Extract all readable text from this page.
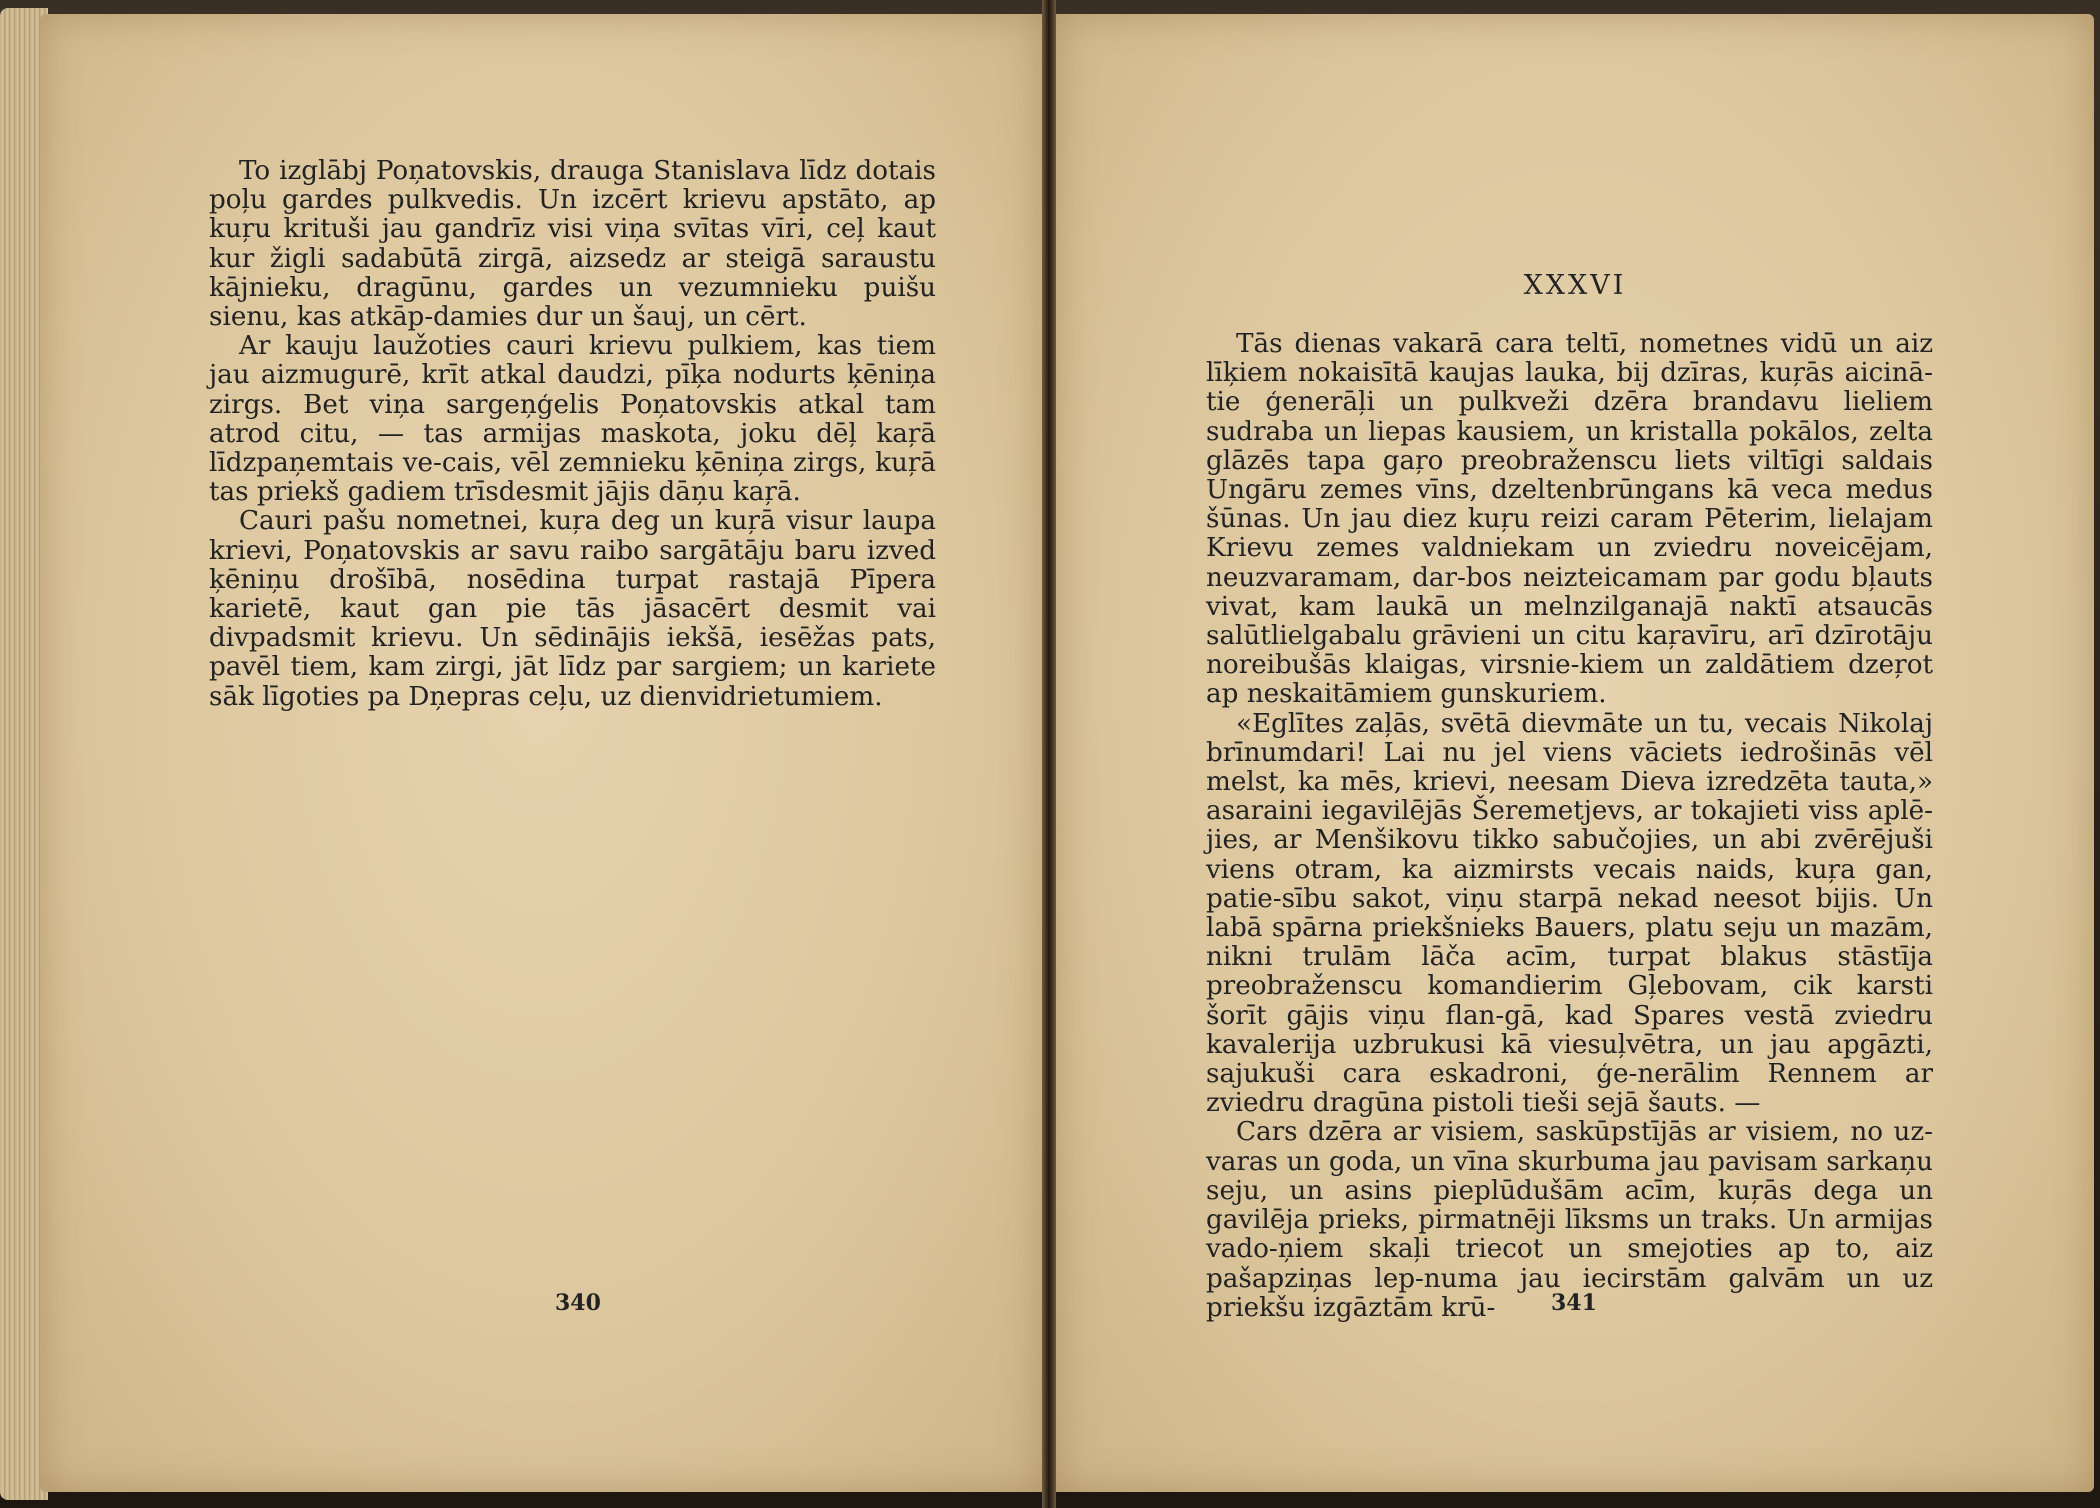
To izglābj Poņatovskis, drauga Stanislava līdz dotais poļu gardes pulkvedis. Un izcērt krievu apstāto, ap kuŗu krituši jau gandrīz visi viņa svītas vīri, ceļ kaut kur žigli sadabūtā zirgā, aizsedz ar steigā saraustu kājnieku, dragūnu, gardes un vezumnieku puišu sienu, kas atkāp-damies dur un šauj, un cērt.

Ar kauju laužoties cauri krievu pulkiem, kas tiem jau aizmugurē, krīt atkal daudzi, pīķa nodurts ķēniņa zirgs. Bet viņa sargeņģelis Poņatovskis atkal tam atrod citu, — tas armijas maskota, joku dēļ kaŗā līdzpaņemtais ve-cais, vēl zemnieku ķēniņa zirgs, kuŗā tas priekš gadiem trīsdesmit jājis dāņu kaŗā.

Cauri pašu nometnei, kuŗa deg un kuŗā visur laupa krievi, Poņatovskis ar savu raibo sargātāju baru izved ķēniņu drošībā, nosēdina turpat rastajā Pīpera karietē, kaut gan pie tās jāsacērt desmit vai divpadsmit krievu. Un sēdinājis iekšā, iesēžas pats, pavēl tiem, kam zirgi, jāt līdz par sargiem; un kariete sāk līgoties pa Dņepras ceļu, uz dienvidrietumiem.

340
XXXVI

Tās dienas vakarā cara teltī, nometnes vidū un aiz līķiem nokaisītā kaujas lauka, bij dzīras, kuŗās aicinā-tie ģenerāļi un pulkveži dzēra brandavu lieliem sudraba un liepas kausiem, un kristalla pokālos, zelta glāzēs tapa gaŗo preobraženscu liets viltīgi saldais Ungāru zemes vīns, dzeltenbrūngans kā veca medus šūnas. Un jau diez kuŗu reizi caram Pēterim, lielajam Krievu zemes valdniekam un zviedru noveicējam, neuzvaramam, dar-bos neizteicamam par godu bļauts vivat, kam laukā un melnzilganajā naktī atsaucās salūtlielgabalu grāvieni un citu kaŗavīru, arī dzīrotāju noreibušās klaigas, virsnie-kiem un zaldātiem dzeŗot ap neskaitāmiem gunskuriem.

«Eglītes zaļās, svētā dievmāte un tu, vecais Nikolaj brīnumdari! Lai nu jel viens vāciets iedrošinās vēl melst, ka mēs, krievi, neesam Dieva izredzēta tauta,» asaraini iegavilējās Šeremetjevs, ar tokajieti viss aplē-jies, ar Menšikovu tikko sabučojies, un abi zvērējuši viens otram, ka aizmirsts vecais naids, kuŗa gan, patie-sību sakot, viņu starpā nekad neesot bijis. Un labā spārna priekšnieks Bauers, platu seju un mazām, nikni trulām lāča acīm, turpat blakus stāstīja preobraženscu komandierim Gļebovam, cik karsti šorīt gājis viņu flan-gā, kad Spares vestā zviedru kavalerija uzbrukusi kā viesuļvētra, un jau apgāzti, sajukuši cara eskadroni, ģe-nerālim Rennem ar zviedru dragūna pistoli tieši sejā šauts. —

Cars dzēra ar visiem, saskūpstījās ar visiem, no uz-varas un goda, un vīna skurbuma jau pavisam sarkaņu seju, un asins pieplūdušām acīm, kuŗās dega un gavilēja prieks, pirmatnēji līksms un traks. Un armijas vado-ņiem skaļi triecot un smejoties ap to, aiz pašapziņas lep-numa jau iecirstām galvām un uz priekšu izgāztām krū-	341
